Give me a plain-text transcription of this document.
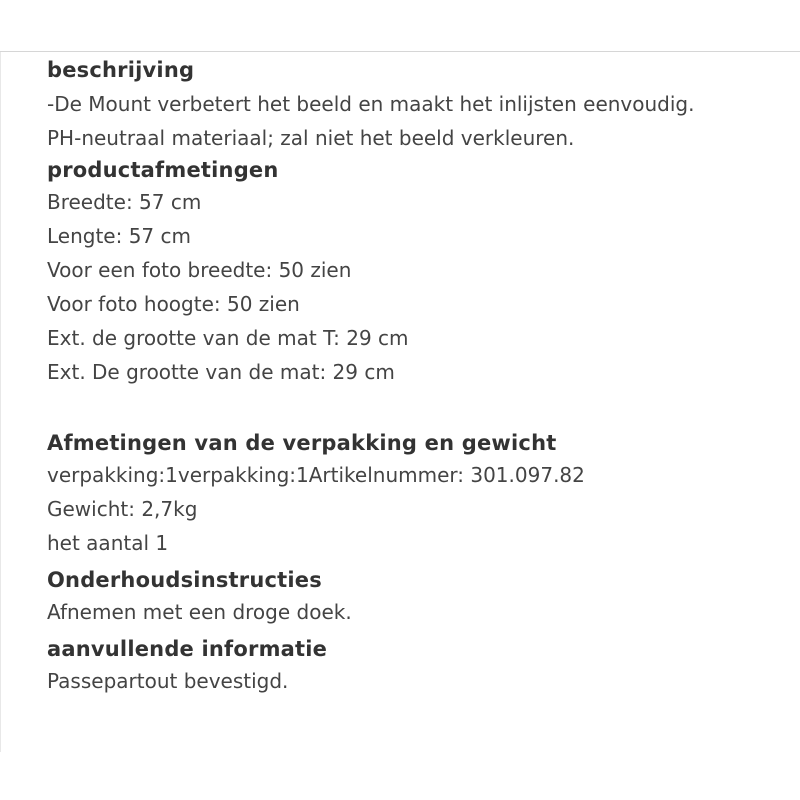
beschrijving

-De Mount verbetert het beeld en maakt het inlijsten eenvoudig.

PH-neutraal materiaal; zal niet het beeld verkleuren.

productafmetingen

Breedte: 57 cm

Lengte: 57 cm

Voor een foto breedte: 50 zien

Voor foto hoogte: 50 zien

Ext. de grootte van de mat T: 29 cm

Ext. De grootte van de mat: 29 cm

Afmetingen van de verpakking en gewicht

verpakking:1verpakking:1Artikelnummer: 301.097.82

Gewicht: 2,7kg

het aantal 1

Onderhoudsinstructies

Afnemen met een droge doek.

aanvullende informatie

Passepartout bevestigd.
